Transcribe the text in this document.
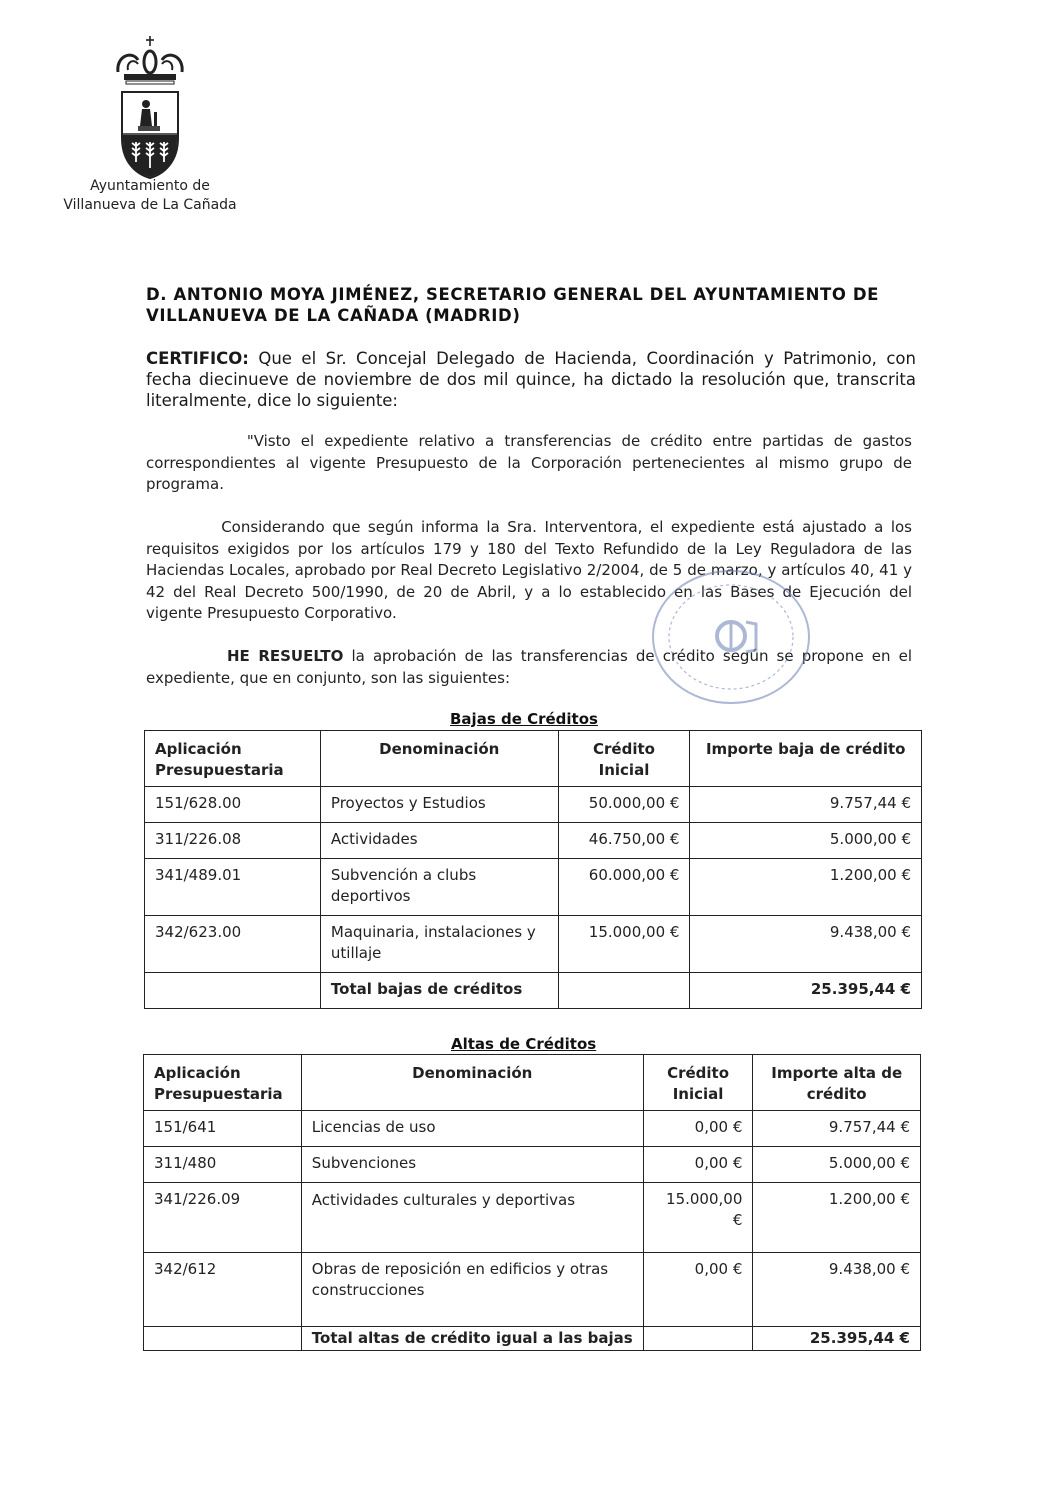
Ayuntamiento de
Villanueva de La Cañada
D. ANTONIO MOYA JIMÉNEZ, SECRETARIO GENERAL DEL AYUNTAMIENTO DE VILLANUEVA DE LA CAÑADA (MADRID)
CERTIFICO: Que el Sr. Concejal Delegado de Hacienda, Coordinación y Patrimonio, con fecha diecinueve de noviembre de dos mil quince, ha dictado la resolución que, transcrita literalmente, dice lo siguiente:
"Visto el expediente relativo a transferencias de crédito entre partidas de gastos correspondientes al vigente Presupuesto de la Corporación pertenecientes al mismo grupo de programa.
Considerando que según informa la Sra. Interventora, el expediente está ajustado a los requisitos exigidos por los artículos 179 y 180 del Texto Refundido de la Ley Reguladora de las Haciendas Locales, aprobado por Real Decreto Legislativo 2/2004, de 5 de marzo, y artículos 40, 41 y 42 del Real Decreto 500/1990, de 20 de Abril, y a lo establecido en las Bases de Ejecución del vigente Presupuesto Corporativo.
HE RESUELTO la aprobación de las transferencias de crédito según se propone en el expediente, que en conjunto, son las siguientes:
Bajas de Créditos
Aplicación Presupuestaria	Denominación	Crédito Inicial	Importe baja de crédito
151/628.00	Proyectos y Estudios	50.000,00 €	9.757,44 €
311/226.08	Actividades	46.750,00 €	5.000,00 €
341/489.01	Subvención a clubs deportivos	60.000,00 €	1.200,00 €
342/623.00	Maquinaria, instalaciones y utillaje	15.000,00 €	9.438,00 €
	Total bajas de créditos		25.395,44 €
Altas de Créditos
Aplicación Presupuestaria	Denominación	Crédito Inicial	Importe alta de crédito
151/641	Licencias de uso	0,00 €	9.757,44 €
311/480	Subvenciones	0,00 €	5.000,00 €
341/226.09	Actividades culturales y deportivas	15.000,00 €	1.200,00 €
342/612	Obras de reposición en edificios y otras construcciones	0,00 €	9.438,00 €
	Total altas de crédito igual a las bajas		25.395,44 €
